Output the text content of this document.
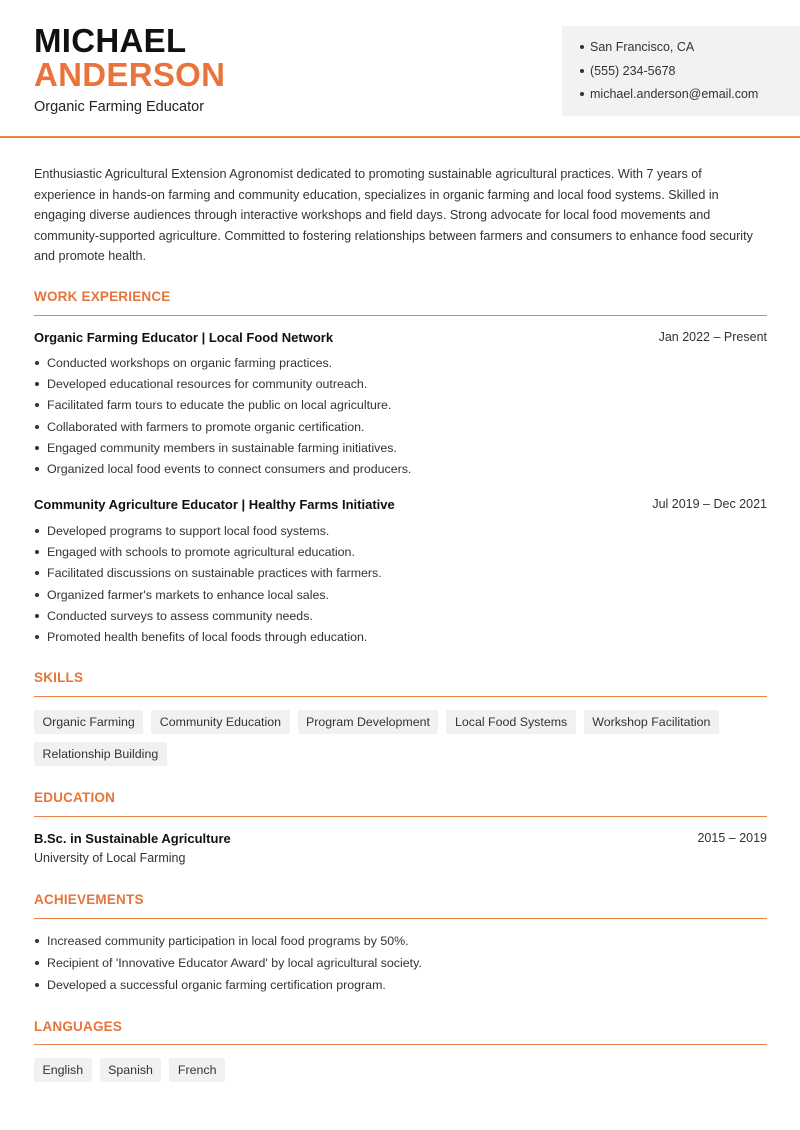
MICHAEL
ANDERSON
Organic Farming Educator
San Francisco, CA
(555) 234-5678
michael.anderson@email.com

Enthusiastic Agricultural Extension Agronomist dedicated to promoting sustainable agricultural practices. With 7 years of experience in hands-on farming and community education, specializes in organic farming and local food systems. Skilled in engaging diverse audiences through interactive workshops and field days. Strong advocate for local food movements and community-supported agriculture. Committed to fostering relationships between farmers and consumers to enhance food security and promote health.

WORK EXPERIENCE
Organic Farming Educator | Local Food Network	Jan 2022 – Present
Conducted workshops on organic farming practices.
Developed educational resources for community outreach.
Facilitated farm tours to educate the public on local agriculture.
Collaborated with farmers to promote organic certification.
Engaged community members in sustainable farming initiatives.
Organized local food events to connect consumers and producers.
Community Agriculture Educator | Healthy Farms Initiative	Jul 2019 – Dec 2021
Developed programs to support local food systems.
Engaged with schools to promote agricultural education.
Facilitated discussions on sustainable practices with farmers.
Organized farmer's markets to enhance local sales.
Conducted surveys to assess community needs.
Promoted health benefits of local foods through education.
SKILLS
Organic Farming	Community Education	Program Development	Local Food Systems	Workshop Facilitation
Relationship Building
EDUCATION
B.Sc. in Sustainable Agriculture	2015 – 2019
University of Local Farming
ACHIEVEMENTS
Increased community participation in local food programs by 50%.
Recipient of 'Innovative Educator Award' by local agricultural society.
Developed a successful organic farming certification program.
LANGUAGES
English	Spanish	French
